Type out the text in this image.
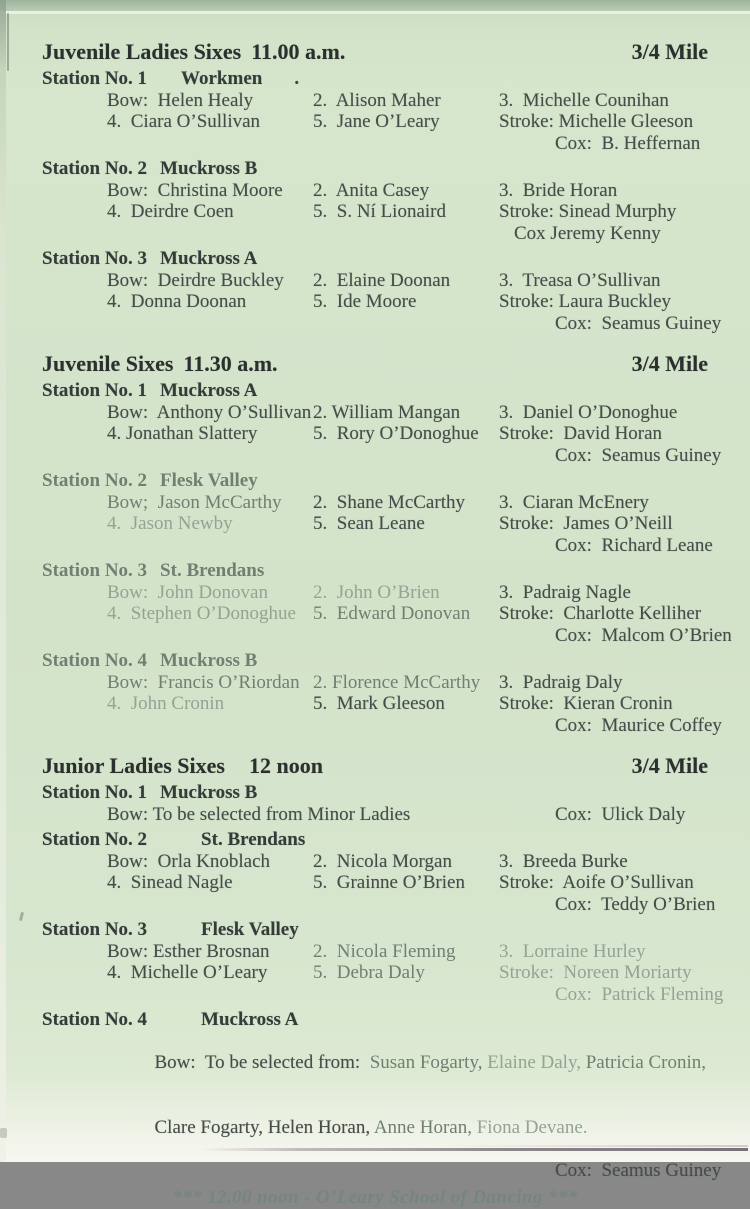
Juvenile Ladies Sixes 11.00 a.m.	3/4 Mile
Station No. 1 Workmen .
Bow:  Helen Healy	2.  Alison Maher	3.  Michelle Counihan
4.  Ciara O’Sullivan	5.  Jane O’Leary	Stroke: Michelle Gleeson
Cox:  B. Heffernan
Station No. 2 Muckross B
Bow:  Christina Moore	2.  Anita Casey	3.  Bride Horan
4.  Deirdre Coen	5.  S. Ní Lionaird	Stroke: Sinead Murphy
Cox Jeremy Kenny
Station No. 3 Muckross A
Bow:  Deirdre Buckley	2.  Elaine Doonan	3.  Treasa O’Sullivan
4.  Donna Doonan	5.  Ide Moore	Stroke: Laura Buckley
Cox:  Seamus Guiney
Juvenile Sixes 11.30 a.m.	3/4 Mile
Station No. 1 Muckross A
Bow:  Anthony O’Sullivan 2. William Mangan	3.  Daniel O’Donoghue
4. Jonathan Slattery	5.  Rory O’Donoghue	Stroke:  David Horan
Cox:  Seamus Guiney
Station No. 2 Flesk Valley
Bow;  Jason McCarthy	2.  Shane McCarthy	3.  Ciaran McEnery
4.  Jason Newby	5.  Sean Leane	Stroke:  James O’Neill
Cox:  Richard Leane
Station No. 3 St. Brendans
Bow:  John Donovan	2.  John O’Brien	3.  Padraig Nagle
4.  Stephen O’Donoghue 5.  Edward Donovan	Stroke:  Charlotte Kelliher
Cox:  Malcom O’Brien
Station No. 4 Muckross B
Bow:  Francis O’Riordan 2. Florence McCarthy 3.  Padraig Daly
4.  John Cronin	5.  Mark Gleeson	Stroke:  Kieran Cronin
Cox:  Maurice Coffey
Junior Ladies Sixes 12 noon	3/4 Mile
Station No. 1 Muckross B
Bow: To be selected from Minor Ladies	Cox:  Ulick Daly
Station No. 2	St. Brendans
Bow:  Orla Knoblach	2.  Nicola Morgan	3.  Breeda Burke
4.  Sinead Nagle	5.  Grainne O’Brien	Stroke:  Aoife O’Sullivan
Cox:  Teddy O’Brien
Station No. 3	Flesk Valley
Bow: Esther Brosnan	2.  Nicola Fleming	3.  Lorraine Hurley
4.  Michelle O’Leary	5.  Debra Daly	Stroke:  Noreen Moriarty
Cox:  Patrick Fleming
Station No. 4	Muckross A

Bow:  To be selected from:  Susan Fogarty, Elaine Daly, Patricia Cronin,

Clare Fogarty, Helen Horan, Anne Horan, Fiona Devane.

Cox:  Seamus Guiney
*** 12.00 noon - O’Leary School of Dancing ***
